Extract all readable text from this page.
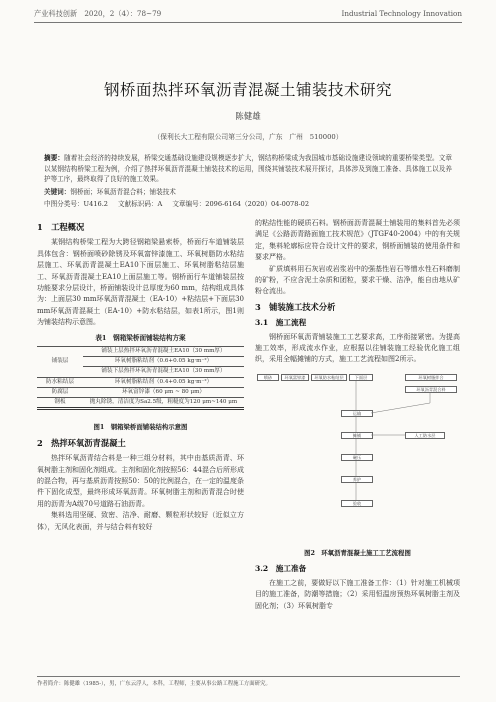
产业科技创新　2020，2（4）：78~79	Industrial Technology Innovation
钢桥面热拌环氧沥青混凝土铺装技术研究
陈健雄
（保利长大工程有限公司第三分公司，广东　广州　510000）
摘要：随着社会经济的持续发展，桥梁交通基础设施建设规模逐步扩大，钢结构桥梁成为我国城市基础设施建设领域的重要桥梁类型。文章以某钢结构桥梁工程为例，介绍了热拌环氧沥青混凝土铺装技术的运用，围绕其铺装技术展开探讨，具体涉及到施工准备、具体施工以及养护等工序，最终取得了良好的施工效果。
关键词：钢桥面；环氧沥青混合料；铺装技术
中图分类号：U416.2 文献标识码：A 文章编号：2096-6164（2020）04-0078-02
1　工程概况

某钢结构桥梁工程为大跨径钢箱梁悬索桥，桥面行车道铺装层具体包含：钢桥面喷砂除锈及环氧富锌漆施工、环氧树脂防水粘结层施工、环氧沥青混凝土EA10下面层施工、环氧树脂粘结层施工、环氧沥青混凝土EA10上面层施工等。钢桥面行车道铺装层按功能要求分层设计，桥面铺装设计总厚度为60 mm，结构组成具体为：上面层30 mm环氧沥青混凝土（EA-10）+粘结层+下面层30 mm环氧沥青混凝土（EA-10）+防水粘结层，如表1所示，图1则为铺装结构示意图。

表1　钢箱梁桥面铺装结构方案
铺装层	铺装上层热拌环氧沥青混凝土EA10（30 mm厚）
	环氧树脂粘结剂（0.6+0.05 kg·m⁻²）
	铺装下层热拌环氧沥青混凝土EA10（30 mm厚）
防水粘结层	环氧树脂粘结剂（0.4+0.05 kg·m⁻²）
防腐层	环氧富锌漆（60 μm ~ 80 μm）
钢板	抛丸除锈，清洁度为Sa2.5级，粗糙度为120 μm~140 μm
图1　钢箱梁桥面铺装结构示意图
2　热拌环氧沥青混凝土

热拌环氧沥青结合料是一种三组分材料，其中由基质沥青、环氧树脂主剂和固化剂组成。主剂和固化剂按照56：44混合后所形成的混合物，再与基质沥青按照50：50的比例混合，在一定的温度条件下固化成型，最终形成环氧沥青。环氧树脂主剂和沥青混合时使用的沥青为A级70号道路石油沥青。

集料选用坚硬、致密、洁净、耐磨、颗粒形状较好（近似立方体），无风化表面，并与结合料有较好

的粘结性能的硬质石料。钢桥面沥青混凝土铺装用的集料首先必须满足《公路沥青路面施工技术规范》（JTGF40-2004）中的有关规定，集料轮廓标应符合设计文件的要求，钢桥面铺装的使用条件和要求严格。

矿质填料用石灰岩或岩浆岩中的强基性岩石等憎水性石料磨制的矿粉，不应含泥土杂质和团粒，要求干燥、洁净，能自由地从矿粉仓流出。

3　铺装施工技术分析
3.1　施工流程

钢桥面环氧沥青铺装施工工艺要求高，工序衔接紧密。为提高施工效率，形成流水作业，应根据以往铺装施工经验优化施工组织，采用全幅摊铺的方式，施工工艺流程如图2所示。

喷砂	环氧富锌漆	环氧防水粘结层	下面层	环氧树脂拌合
环氧沥青混合料
运输
摊铺
碾压
养护
人工防水层
验收
图2　环氧沥青混凝土施工工艺流程图
3.2　施工准备

在施工之前，要做好以下施工准备工作：（1）针对施工机械项目的施工准备，防潮等措施；（2）采用恒温房预热环氧树脂主剂及固化剂；（3）环氧树脂专

作者简介：陈健雄（1985-），男，广东云浮人，本科，工程师，主要从事公路工程施工方面研究。
